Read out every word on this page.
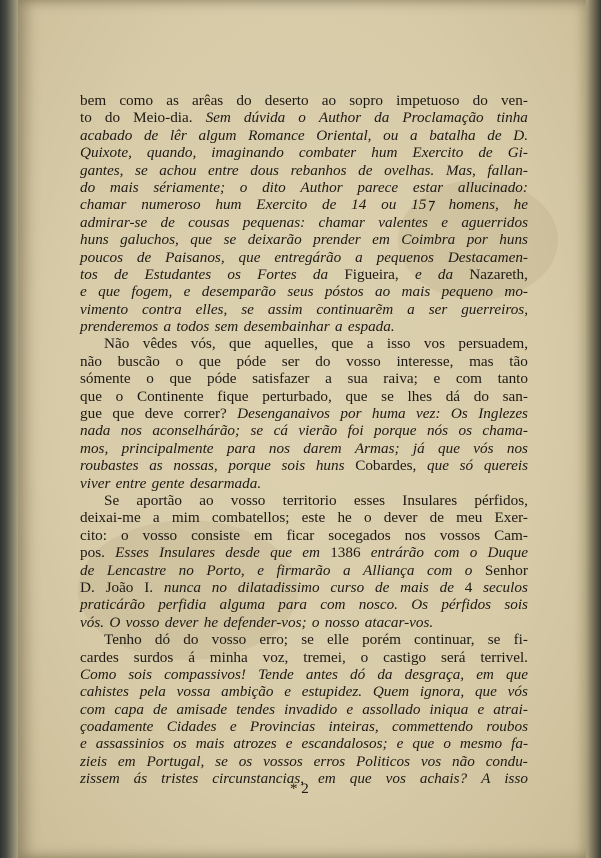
bem como as arêas do deserto ao sopro impetuoso do ven-
to do Meio-dia. Sem dúvida o Author da Proclamação tinha
acabado de lêr algum Romance Oriental, ou a batalha de D.
Quixote, quando, imaginando combater hum Exercito de Gi-
gantes, se achou entre dous rebanhos de ovelhas. Mas, fallan-
do mais sériamente; o dito Author parece estar allucinado:
chamar numeroso hum Exercito de 14 ou 15⁊ homens, he
admirar-se de cousas pequenas: chamar valentes e aguerridos
huns galuchos, que se deixarão prender em Coimbra por huns
poucos de Paisanos, que entregárão a pequenos Destacamen-
tos de Estudantes os Fortes da Figueira, e da Nazareth,
e que fogem, e desemparão seus póstos ao mais pequeno mo-
vimento contra elles, se assim continuarẽm a ser guerreiros,
prenderemos a todos sem desembainhar a espada.
Não vêdes vós, que aquelles, que a isso vos persuadem,
não buscão o que póde ser do vosso interesse, mas tão
sómente o que póde satisfazer a sua raiva; e com tanto
que o Continente fique perturbado, que se lhes dá do san-
gue que deve correr? Desenganaivos por huma vez: Os Inglezes
nada nos aconselhárão; se cá vierão foi porque nós os chama-
mos, principalmente para nos darem Armas; já que vós nos
roubastes as nossas, porque sois huns Cobardes, que só quereis
viver entre gente desarmada.
Se aportão ao vosso territorio esses Insulares pérfidos,
deixai-me a mim combatellos; este he o dever de meu Exer-
cito: o vosso consiste em ficar socegados nos vossos Cam-
pos. Esses Insulares desde que em 1386 entrárão com o Duque
de Lencastre no Porto, e firmarão a Alliança com o Senhor
D. João I. nunca no dilatadissimo curso de mais de 4 seculos
praticárão perfidia alguma para com nosco. Os pérfidos sois
vós. O vosso dever he defender-vos; o nosso atacar-vos.
Tenho dó do vosso erro; se elle porém continuar, se fi-
cardes surdos á minha voz, tremei, o castigo será terrivel.
Como sois compassivos! Tende antes dó da desgraça, em que
cahistes pela vossa ambição e estupidez. Quem ignora, que vós
com capa de amisade tendes invadido e assollado iniqua e atrai-
çoadamente Cidades e Provincias inteiras, commettendo roubos
e assassinios os mais atrozes e escandalosos; e que o mesmo fa-
zieis em Portugal, se os vossos erros Politicos vos não condu-
zissem ás tristes circunstancias, em que vos achais? A isso
* 2
